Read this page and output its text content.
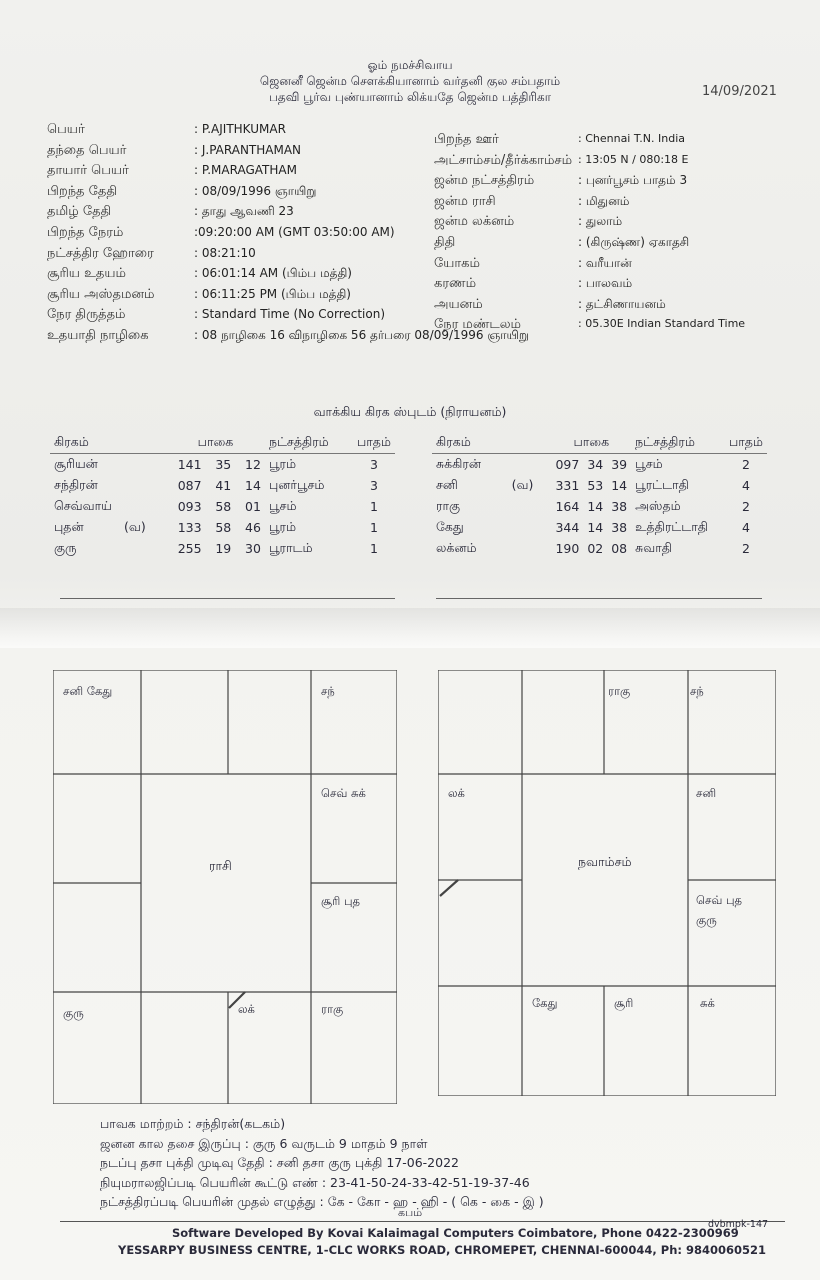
ஓம் நமச்சிவாய
ஜெனனீ ஜென்ம சௌக்கியானாம் வர்தனி குல சம்பதாம்
பதவி பூர்வ புண்யானாம் லிக்யதே ஜென்ம பத்திரிகா	14/09/2021
பெயர்	: P.AJITHKUMAR
தந்தை பெயர்	: J.PARANTHAMAN
தாயார் பெயர்	: P.MARAGATHAM
பிறந்த தேதி	: 08/09/1996 ஞாயிறு
தமிழ் தேதி	: தாது ஆவணி 23
பிறந்த நேரம்	:09:20:00 AM (GMT 03:50:00 AM)
நட்சத்திர ஹோரை	: 08:21:10
சூரிய உதயம்	: 06:01:14 AM (பிம்ப மத்தி)
சூரிய அஸ்தமனம்	: 06:11:25 PM (பிம்ப மத்தி)
நேர திருத்தம்	: Standard Time (No Correction)
உதயாதி நாழிகை	: 08 நாழிகை 16 விநாழிகை 56 தர்பரை 08/09/1996 ஞாயிறு
பிறந்த ஊர்	: Chennai T.N. India
அட்சாம்சம்/தீர்க்காம்சம் : 13:05 N / 080:18 E
ஜன்ம நட்சத்திரம்	: புனர்பூசம் பாதம் 3
ஜன்ம ராசி	: மிதுனம்
ஜன்ம லக்னம்	: துலாம்
திதி	: (கிருஷ்ண) ஏகாதசி
யோகம்	: வரீயான்
கரணம்	: பாலவம்
அயனம்	: தட்சிணாயனம்
நேர மண்டலம்	: 05.30E Indian Standard Time
வாக்கிய கிரக ஸ்புடம் (நிராயனம்)
கிரகம்		பாகை			நட்சத்திரம்	பாதம்
சூரியன்		141	35	12	பூரம்	3
சந்திரன்		087	41	14	புனர்பூசம்	3
செவ்வாய்		093	58	01	பூசம்	1
புதன்	(வ)	133	58	46	பூரம்	1
குரு		255	19	30	பூராடம்	1
கிரகம்		பாகை			நட்சத்திரம்	பாதம்
சுக்கிரன்		097	34	39	பூசம்	2
சனி	(வ)	331	53	14	பூரட்டாதி	4
ராகு		164	14	38	அஸ்தம்	2
கேது		344	14	38	உத்திரட்டாதி	4
லக்னம்		190	02	08	சுவாதி	2
ராசி
சனி கேது	சந்
செவ் சுக்
சூரி புத
ராகு
லக்
குரு
நவாம்சம்
ராகு	சந்
சனி
செவ் புத குரு
சுக்
சூரி
கேது
லக்
பாவக மாற்றம் : சந்திரன்(கடகம்)
ஜனன கால தசை இருப்பு : குரு 6 வருடம் 9 மாதம் 9 நாள்
நடப்பு தசா புக்தி முடிவு தேதி : சனி தசா குரு புக்தி 17-06-2022
நியுமராலஜிப்படி பெயரின் கூட்டு எண் : 23-41-50-24-33-42-51-19-37-46
நட்சத்திரப்படி பெயரின் முதல் எழுத்து : கே - கோ - ஹ - ஹி - ( கெ - கை - இ )
கபம்
Software Developed By Kovai Kalaimagal Computers Coimbatore, Phone 0422-2300969
dvbmpk-147
YESSARPY BUSINESS CENTRE, 1-CLC WORKS ROAD, CHROMEPET, CHENNAI-600044, Ph: 9840060521
